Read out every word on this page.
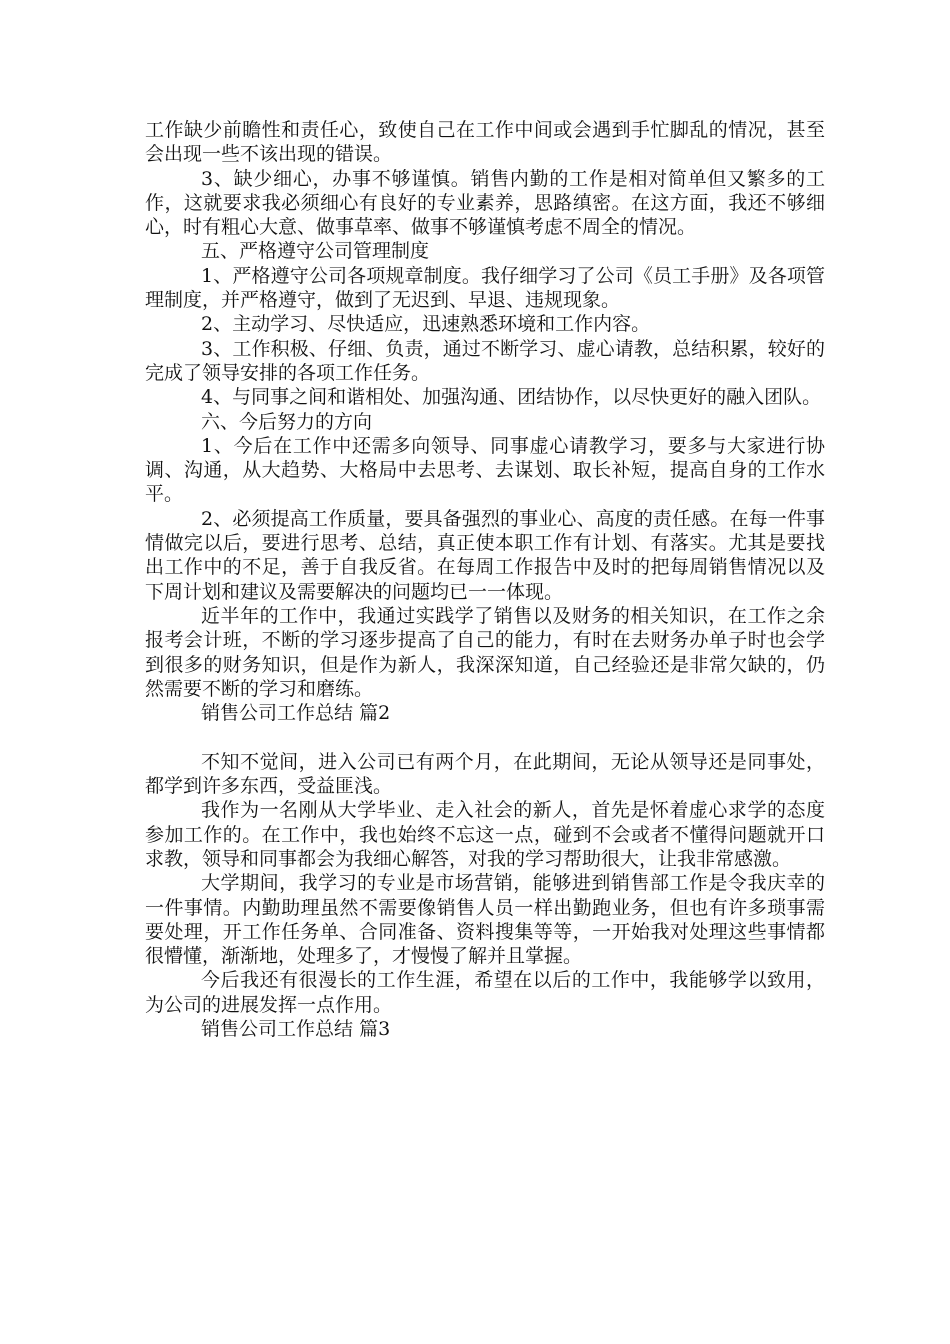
工作缺少前瞻性和责任心，致使自己在工作中间或会遇到手忙脚乱的情况，甚至会出现一些不该出现的错误。

3、缺少细心，办事不够谨慎。销售内勤的工作是相对简单但又繁多的工作，这就要求我必须细心有良好的专业素养，思路缜密。在这方面，我还不够细心，时有粗心大意、做事草率、做事不够谨慎考虑不周全的情况。

五、严格遵守公司管理制度

1、严格遵守公司各项规章制度。我仔细学习了公司《员工手册》及各项管理制度，并严格遵守，做到了无迟到、早退、违规现象。

2、主动学习、尽快适应，迅速熟悉环境和工作内容。

3、工作积极、仔细、负责，通过不断学习、虚心请教，总结积累，较好的完成了领导安排的各项工作任务。

4、与同事之间和谐相处、加强沟通、团结协作，以尽快更好的融入团队。

六、今后努力的方向

1、今后在工作中还需多向领导、同事虚心请教学习，要多与大家进行协调、沟通，从大趋势、大格局中去思考、去谋划、取长补短，提高自身的工作水平。

2、必须提高工作质量，要具备强烈的事业心、高度的责任感。在每一件事情做完以后，要进行思考、总结，真正使本职工作有计划、有落实。尤其是要找出工作中的不足，善于自我反省。在每周工作报告中及时的把每周销售情况以及下周计划和建议及需要解决的问题均已一一体现。

近半年的工作中，我通过实践学了销售以及财务的相关知识，在工作之余报考会计班，不断的学习逐步提高了自己的能力，有时在去财务办单子时也会学到很多的财务知识，但是作为新人，我深深知道，自己经验还是非常欠缺的，仍然需要不断的学习和磨练。

销售公司工作总结 篇2

不知不觉间，进入公司已有两个月，在此期间，无论从领导还是同事处，都学到许多东西，受益匪浅。

我作为一名刚从大学毕业、走入社会的新人，首先是怀着虚心求学的态度参加工作的。在工作中，我也始终不忘这一点，碰到不会或者不懂得问题就开口求教，领导和同事都会为我细心解答，对我的学习帮助很大，让我非常感激。

大学期间，我学习的专业是市场营销，能够进到销售部工作是令我庆幸的一件事情。内勤助理虽然不需要像销售人员一样出勤跑业务，但也有许多琐事需要处理，开工作任务单、合同准备、资料搜集等等，一开始我对处理这些事情都很懵懂，渐渐地，处理多了，才慢慢了解并且掌握。

今后我还有很漫长的工作生涯，希望在以后的工作中，我能够学以致用，为公司的进展发挥一点作用。

销售公司工作总结 篇3
